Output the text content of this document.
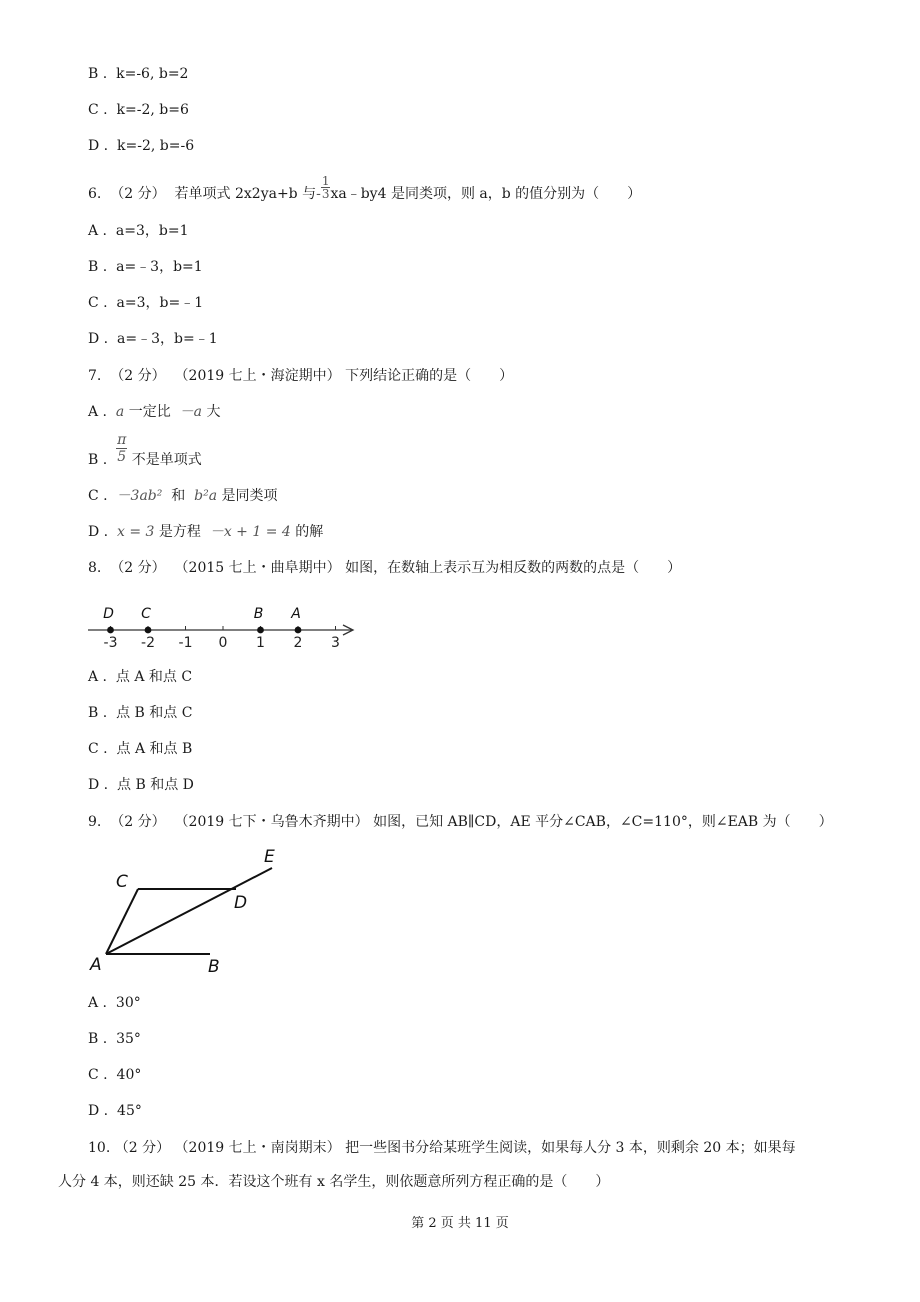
B . k=-6, b=2
C . k=-2, b=6
D . k=-2, b=-6
6. （2 分） 若单项式 2x2ya+b 与- $\frac{1}{3}$ xa﹣by4 是同类项，则 a，b 的值分别为（　　）
A . a=3，b=1
B . a=﹣3，b=1
C . a=3，b=﹣1
D . a=﹣3，b=﹣1
7. （2 分） （2019 七上・海淀期中） 下列结论正确的是（　　）
A . a 一定比 －a 大
B . $\frac{\pi}{5}$ 不是单项式
C . －3ab² 和 b²a 是同类项
D . x = 3 是方程 －x + 1 = 4 的解
8. （2 分） （2015 七上・曲阜期中） 如图，在数轴上表示互为相反数的两数的点是（　　）
-3 -2 -1 0 1 2 3
D C	B A
A . 点 A 和点 C
B . 点 B 和点 C
C . 点 A 和点 B
D . 点 B 和点 D
9. （2 分） （2019 七下・乌鲁木齐期中） 如图，已知 AB∥CD，AE 平分∠CAB，∠C=110°，则∠EAB 为（　　）
A	B
C
D
E
A . 30°
B . 35°
C . 40°
D . 45°
10. （2 分） （2019 七上・南岗期末） 把一些图书分给某班学生阅读，如果每人分 3 本，则剩余 20 本；如果每
人分 4 本，则还缺 25 本．若设这个班有 x 名学生，则依题意所列方程正确的是（　　）
第 2 页 共 11 页
